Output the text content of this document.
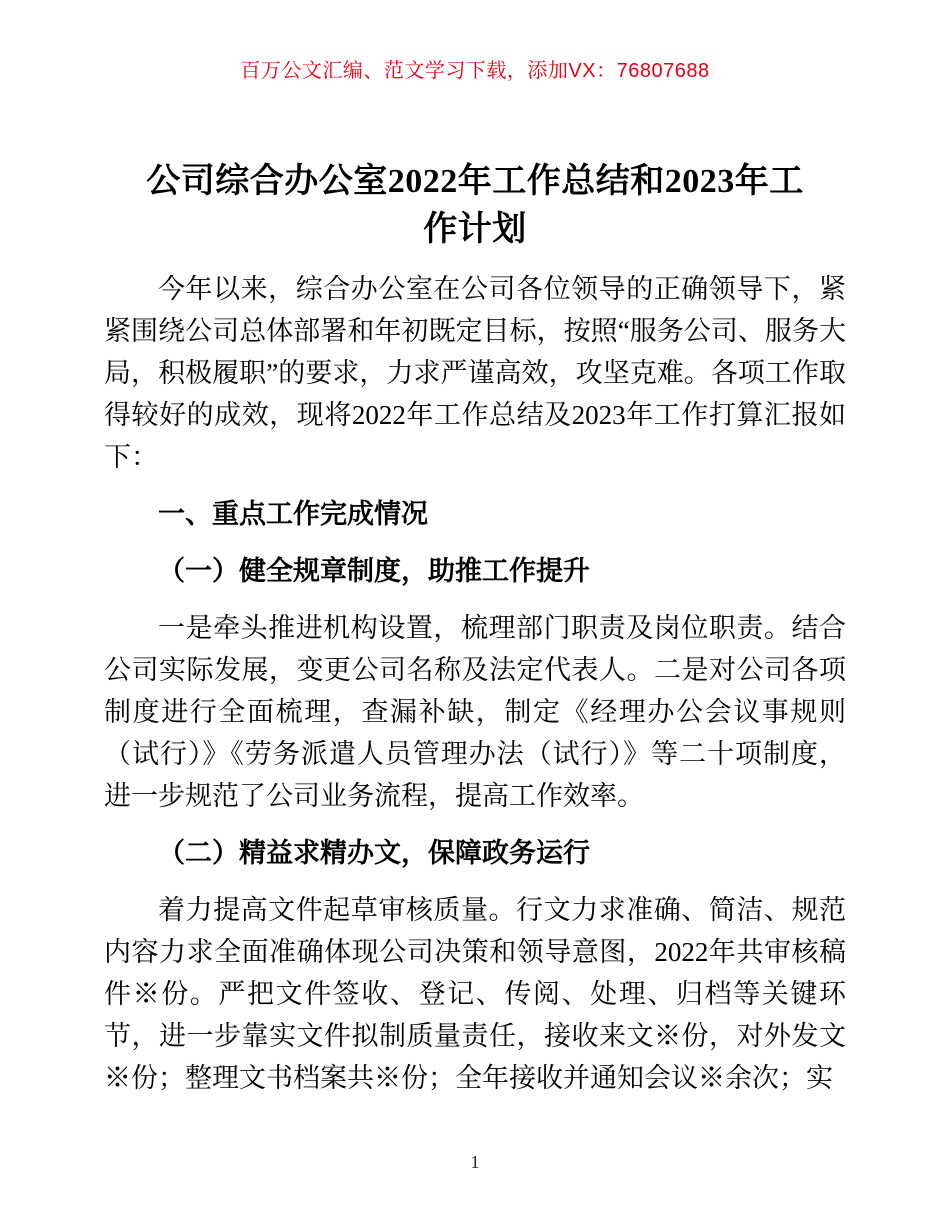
百万公文汇编、范文学习下载，添加VX：76807688
公司综合办公室2022年工作总结和2023年工
作计划

今年以来，综合办公室在公司各位领导的正确领导下，紧紧围绕公司总体部署和年初既定目标，按照“服务公司、服务大局，积极履职”的要求，力求严谨高效，攻坚克难。各项工作取得较好的成效，现将2022年工作总结及2023年工作打算汇报如下：

一、重点工作完成情况

（一）健全规章制度，助推工作提升

一是牵头推进机构设置，梳理部门职责及岗位职责。结合公司实际发展，变更公司名称及法定代表人。二是对公司各项制度进行全面梳理，查漏补缺，制定《经理办公会议事规则（试行）》《劳务派遣人员管理办法（试行）》等二十项制度，进一步规范了公司业务流程，提高工作效率。

（二）精益求精办文，保障政务运行

着力提高文件起草审核质量。行文力求准确、简洁、规范内容力求全面准确体现公司决策和领导意图，2022年共审核稿件※份。严把文件签收、登记、传阅、处理、归档等关键环节，进一步靠实文件拟制质量责任，接收来文※份，对外发文※份；整理文书档案共※份；全年接收并通知会议※余次；实

1
